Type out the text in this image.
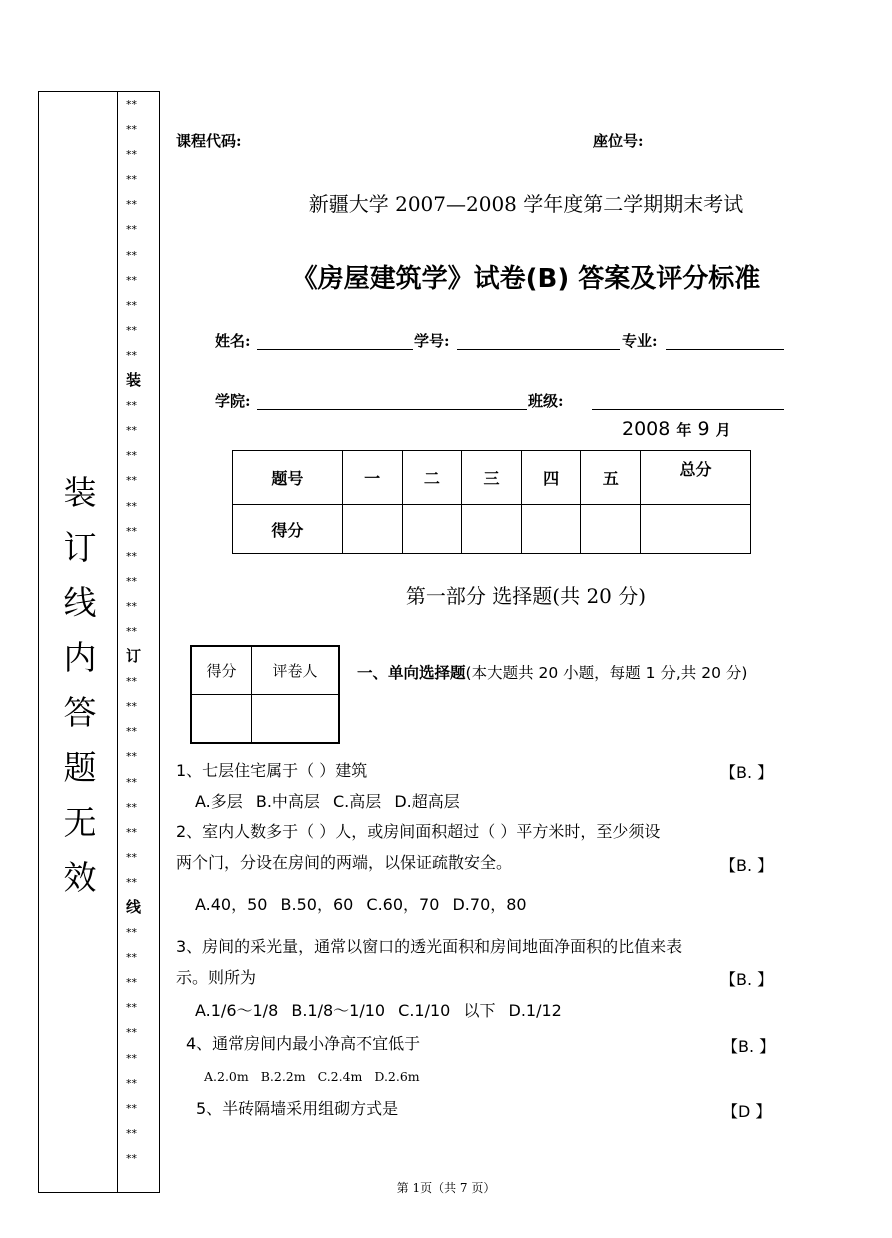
装
订
线
内
答
题
无
效
**
**
**
**
**
**
**
**
**
**
**
装
**
**
**
**
**
**
**
**
**
**
订
**
**
**
**
**
**
**
**
**
线
**
**
**
**
**
**
**
**
**
**
课程代码:	座位号:
新疆大学 2007—2008 学年度第二学期期末考试
《房屋建筑学》试卷(B) 答案及评分标准
姓名:	学号:	专业:
学院:	班级:
2008 年 9 月
题号	一	二	三	四	五	总分
得分						
第一部分 选择题(共 20 分)
得分	评卷人
		一、单向选择题(本大题共 20 小题，每题 1 分,共 20 分)
1、七层住宅属于（ ）建筑	【B. 】
A.多层 B.中高层 C.高层 D.超高层
2、室内人数多于（ ）人，或房间面积超过（ ）平方米时，至少须设
两个门，分设在房间的两端，以保证疏散安全。	【B. 】
A.40，50 B.50，60 C.60，70 D.70，80
3、房间的采光量，通常以窗口的透光面积和房间地面净面积的比值来表
示。则所为	【B. 】
A.1/6～1/8 B.1/8～1/10 C.1/10 以下 D.1/12
4、通常房间内最小净高不宜低于	【B. 】
A.2.0m B.2.2m C.2.4m D.2.6m
5、半砖隔墙采用组砌方式是	【D 】
第 1页（共 7 页）
